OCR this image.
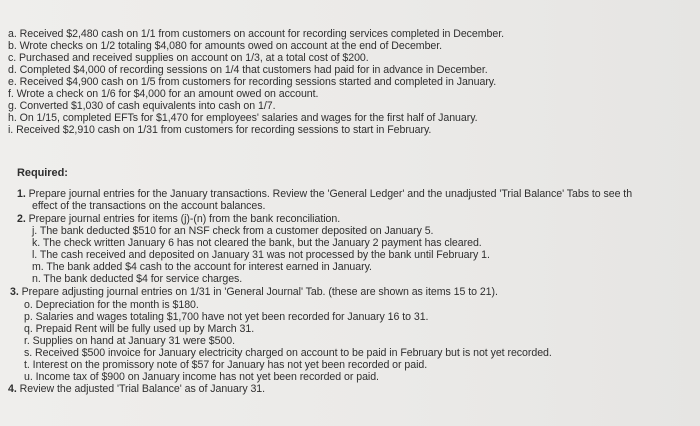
a. Received $2,480 cash on 1/1 from customers on account for recording services completed in December.
b. Wrote checks on 1/2 totaling $4,080 for amounts owed on account at the end of December.
c. Purchased and received supplies on account on 1/3, at a total cost of $200.
d. Completed $4,000 of recording sessions on 1/4 that customers had paid for in advance in December.
e. Received $4,900 cash on 1/5 from customers for recording sessions started and completed in January.
f. Wrote a check on 1/6 for $4,000 for an amount owed on account.
g. Converted $1,030 of cash equivalents into cash on 1/7.
h. On 1/15, completed EFTs for $1,470 for employees' salaries and wages for the first half of January.
i. Received $2,910 cash on 1/31 from customers for recording sessions to start in February.
Required:
1. Prepare journal entries for the January transactions. Review the 'General Ledger' and the unadjusted 'Trial Balance' Tabs to see th
effect of the transactions on the account balances.
2. Prepare journal entries for items (j)-(n) from the bank reconciliation.
j. The bank deducted $510 for an NSF check from a customer deposited on January 5.
k. The check written January 6 has not cleared the bank, but the January 2 payment has cleared.
l. The cash received and deposited on January 31 was not processed by the bank until February 1.
m. The bank added $4 cash to the account for interest earned in January.
n. The bank deducted $4 for service charges.
3. Prepare adjusting journal entries on 1/31 in 'General Journal' Tab. (these are shown as items 15 to 21).
o. Depreciation for the month is $180.
p. Salaries and wages totaling $1,700 have not yet been recorded for January 16 to 31.
q. Prepaid Rent will be fully used up by March 31.
r. Supplies on hand at January 31 were $500.
s. Received $500 invoice for January electricity charged on account to be paid in February but is not yet recorded.
t. Interest on the promissory note of $57 for January has not yet been recorded or paid.
u. Income tax of $900 on January income has not yet been recorded or paid.
4. Review the adjusted 'Trial Balance' as of January 31.
